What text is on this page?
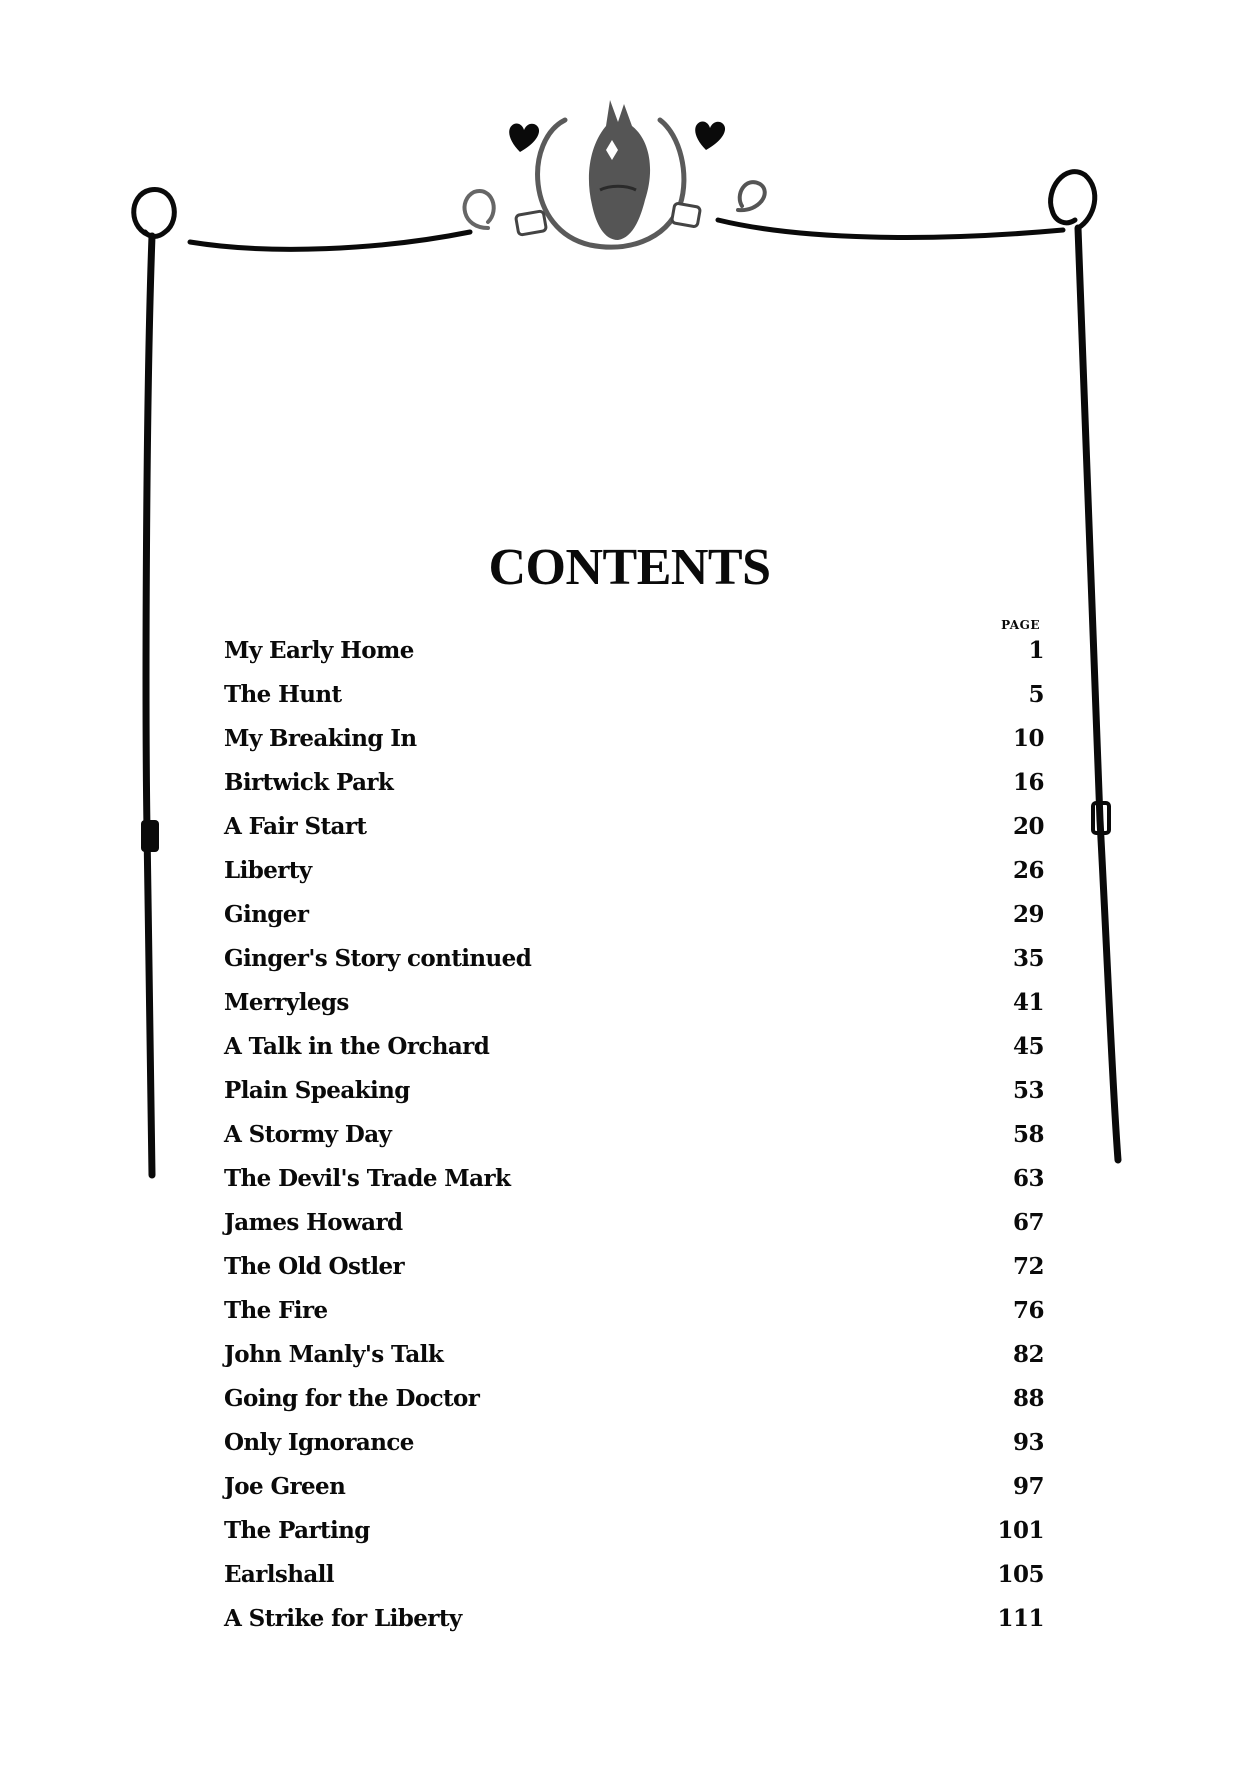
CONTENTS
PAGE
My Early Home	1
The Hunt	5
My Breaking In	10
Birtwick Park	16
A Fair Start	20
Liberty	26
Ginger	29
Ginger's Story continued	35
Merrylegs	41
A Talk in the Orchard	45
Plain Speaking	53
A Stormy Day	58
The Devil's Trade Mark	63
James Howard	67
The Old Ostler	72
The Fire	76
John Manly's Talk	82
Going for the Doctor	88
Only Ignorance	93
Joe Green	97
The Parting	101
Earlshall	105
A Strike for Liberty	111
